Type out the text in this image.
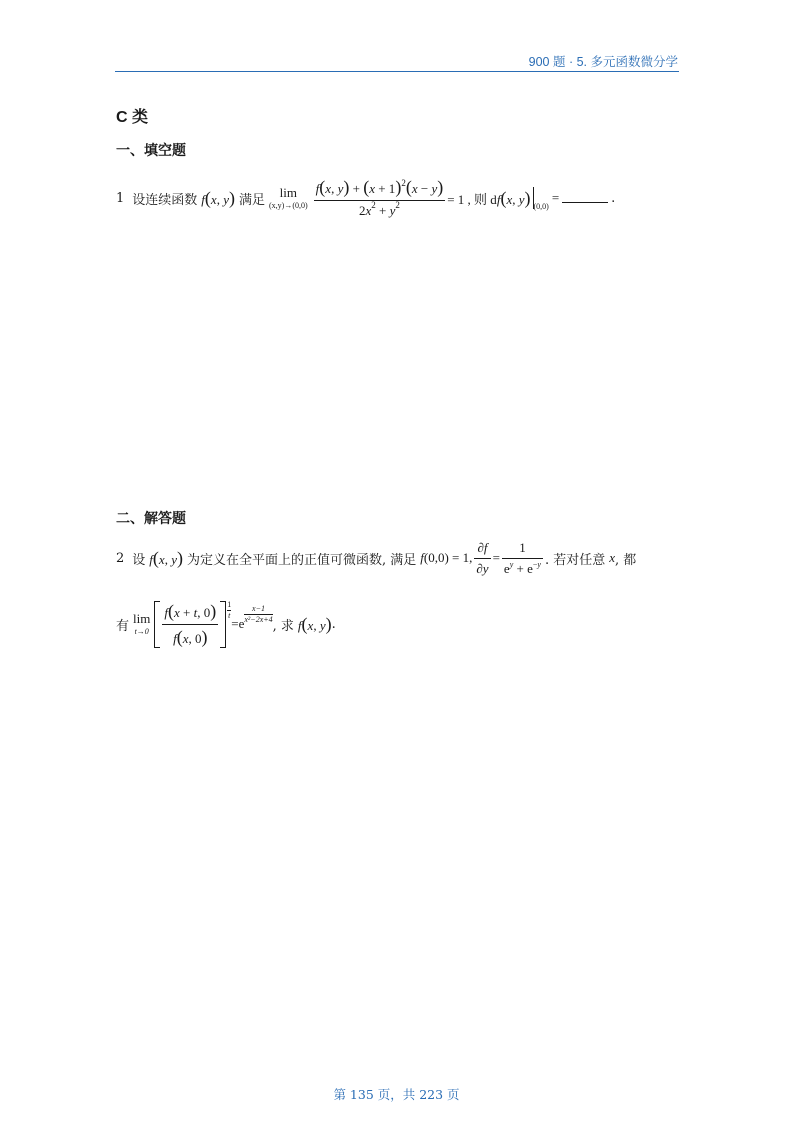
900 题 · 5. 多元函数微分学
C 类
一、填空题
1 设连续函数 f(x, y) 满足 lim
$(x,y)\to(0,0) \frac{f(x, y) + (x + 1)^2(x - y)}{2x^2 + y^2} = 1$ , 则 d f(x, y) (0,0)
=	.
二、解答题
2 设 f(x, y) 为定义在全平面上的正值可微函数, 满足 f (0,0) = 1, $\frac{\partial f}{\partial y} = \frac{1}{e^y + e^{-y}}$ . 若对任意 x , 都
有 lim
$t\to 0 \frac{f(x + t, 0)}{f(x, 0)} 1$
t
= e
x−1
x²−2x+4 , 求 f(x, y) .
第 135 页，共 223 页
